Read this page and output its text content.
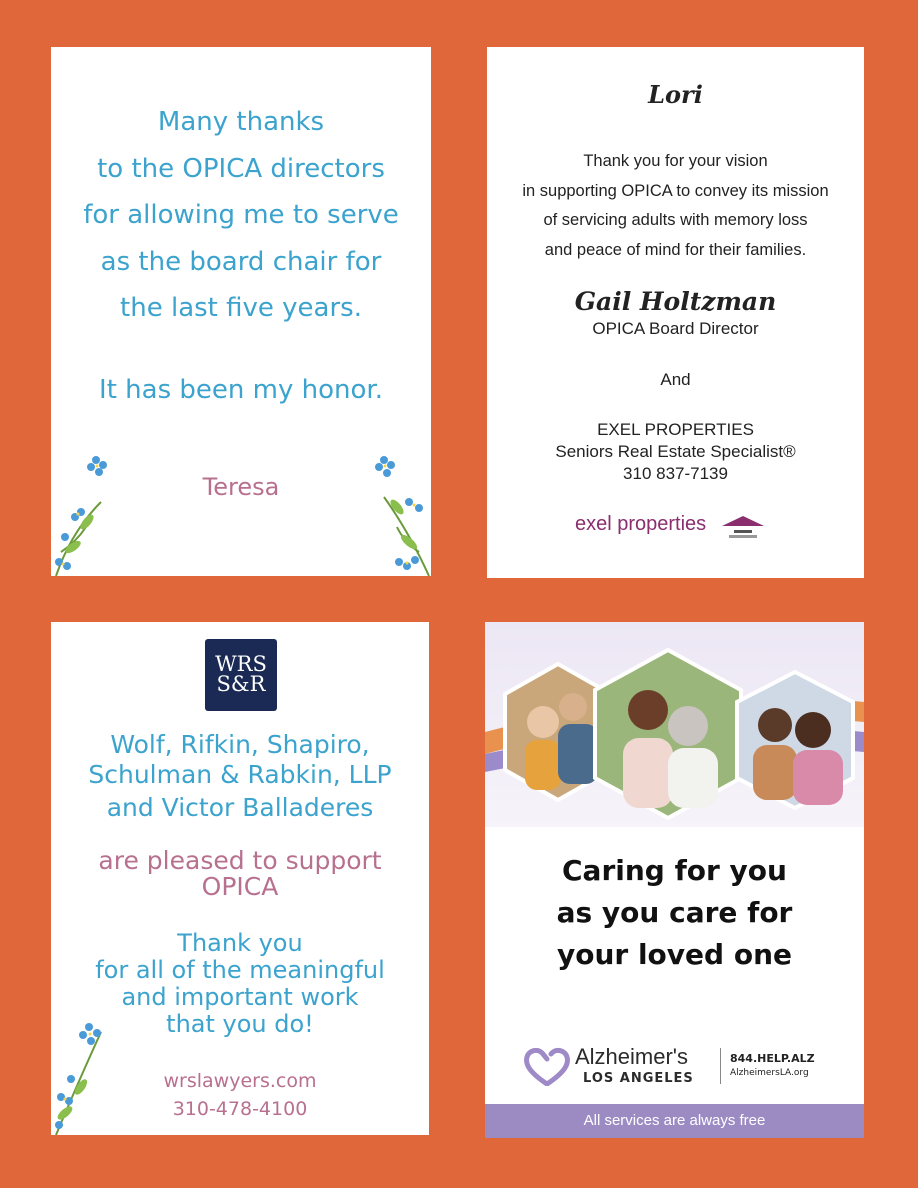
Many thanks
to the OPICA directors
for allowing me to serve
as the board chair for
the last five years.
It has been my honor.
Teresa
Lori
Thank you for your vision
in supporting OPICA to convey its mission
of servicing adults with memory loss
and peace of mind for their families.
Gail Holtzman
OPICA Board Director
And
EXEL PROPERTIES
Seniors Real Estate Specialist®
310 837-7139
exel properties
WRS
S&R
Wolf, Rifkin, Shapiro,
Schulman & Rabkin, LLP
and Victor Balladeres
are pleased to support
OPICA
Thank you
for all of the meaningful
and important work
that you do!
wrslawyers.com
310-478-4100
Caring for you
as you care for
your loved one
Alzheimer's
LOS ANGELES
844.HELP.ALZ
AlzheimersLA.org
All services are always free
